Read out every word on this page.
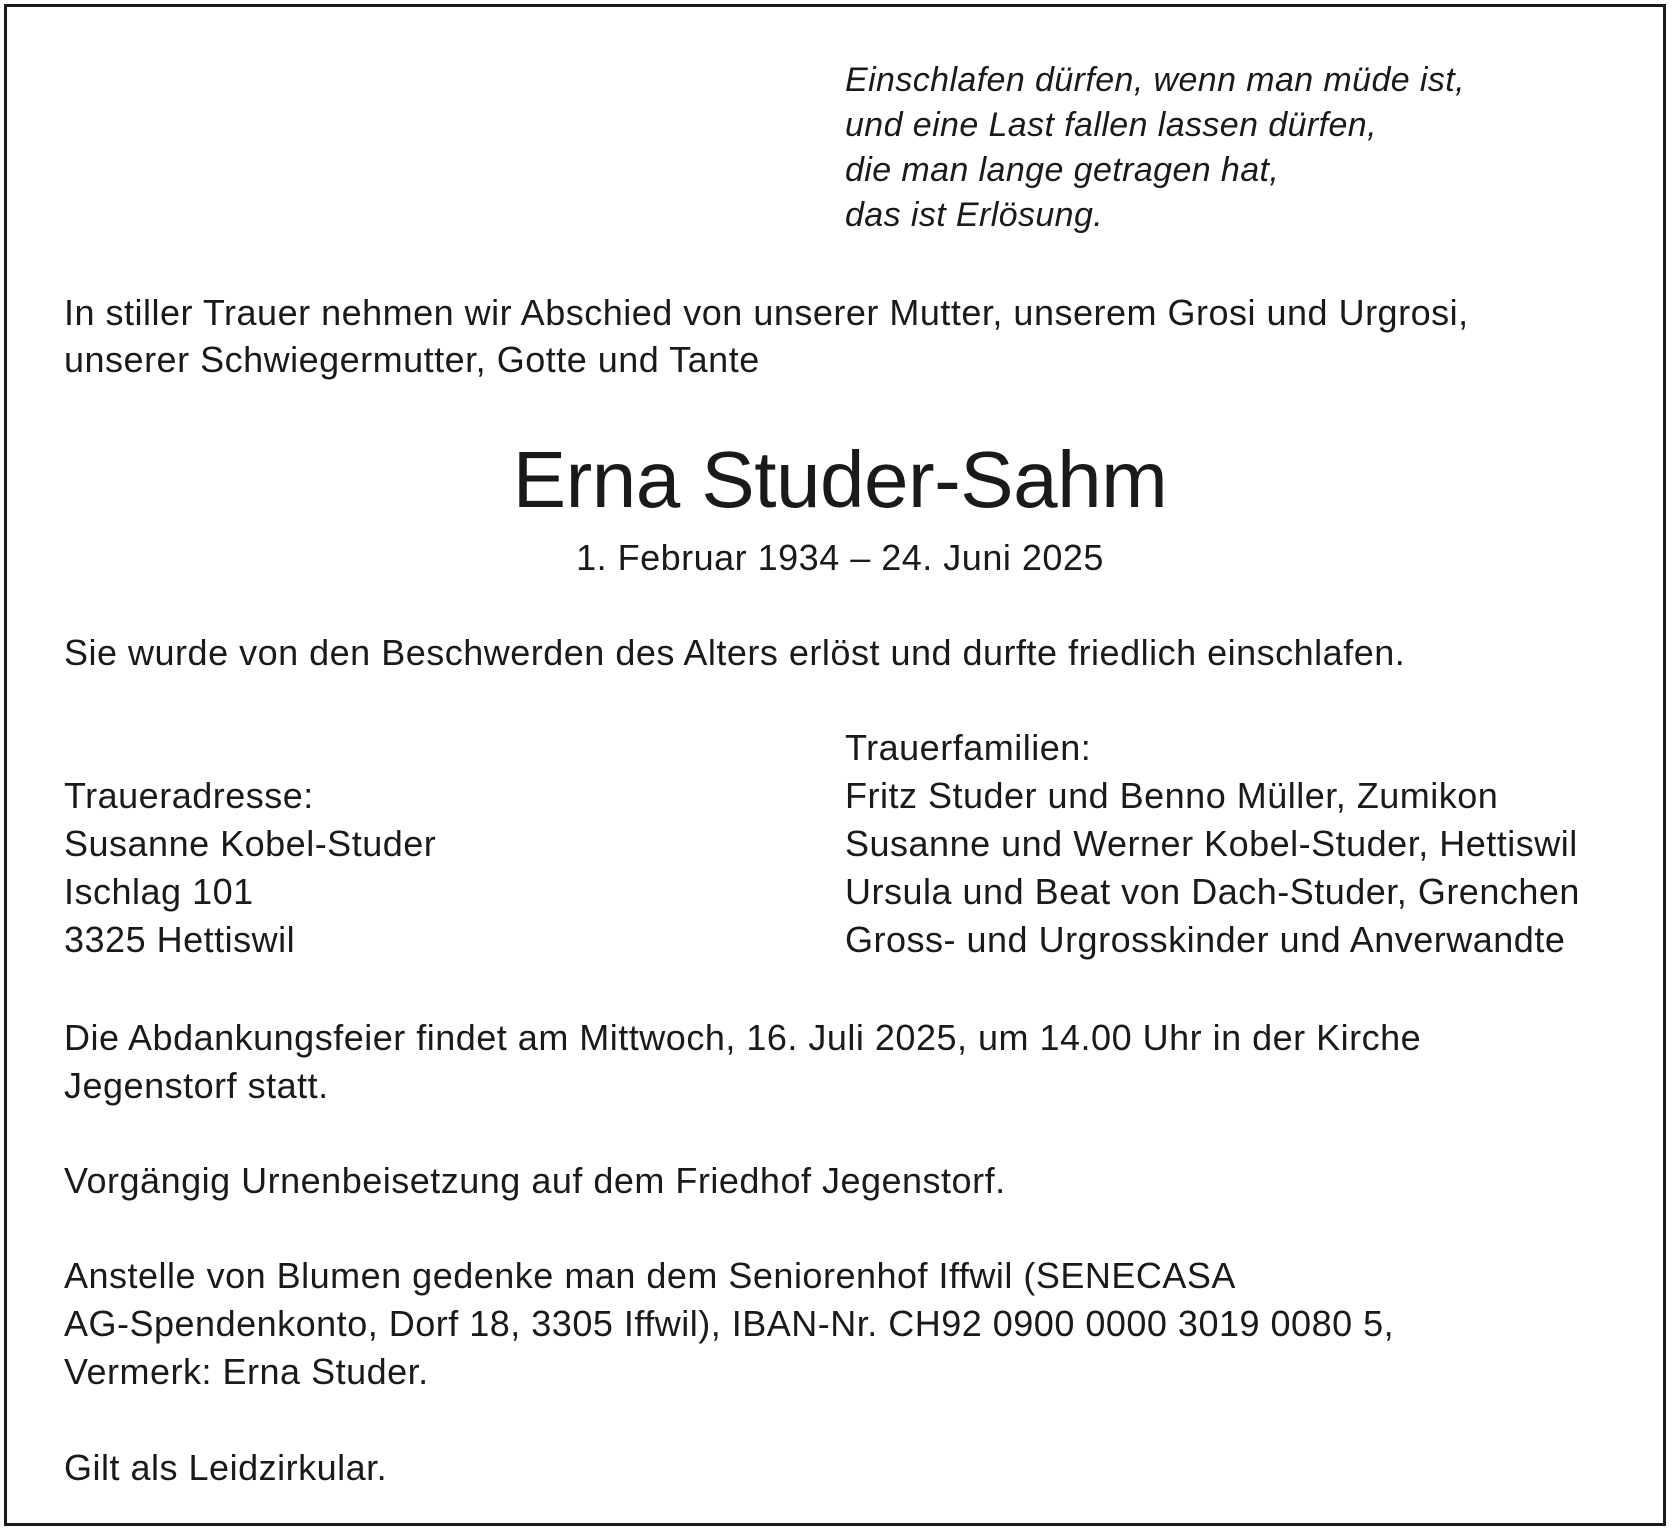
Einschlafen dürfen, wenn man müde ist,

und eine Last fallen lassen dürfen,

die man lange getragen hat,

das ist Erlösung.

In stiller Trauer nehmen wir Abschied von unserer Mutter, unserem Grosi und Urgrosi,

unserer Schwiegermutter, Gotte und Tante

Erna Studer-Sahm

1. Februar 1934 – 24. Juni 2025

Sie wurde von den Beschwerden des Alters erlöst und durfte friedlich einschlafen.

Trauerfamilien:

Fritz Studer und Benno Müller, Zumikon

Susanne und Werner Kobel-Studer, Hettiswil

Ursula und Beat von Dach-Studer, Grenchen

Gross- und Urgrosskinder und Anverwandte

Traueradresse:

Susanne Kobel-Studer

Ischlag 101

3325 Hettiswil

Die Abdankungsfeier findet am Mittwoch, 16. Juli 2025, um 14.00 Uhr in der Kirche

Jegenstorf statt.

Vorgängig Urnenbeisetzung auf dem Friedhof Jegenstorf.

Anstelle von Blumen gedenke man dem Seniorenhof Iffwil (SENECASA

AG-Spendenkonto, Dorf 18, 3305 Iffwil), IBAN-Nr. CH92 0900 0000 3019 0080 5,

Vermerk: Erna Studer.

Gilt als Leidzirkular.
